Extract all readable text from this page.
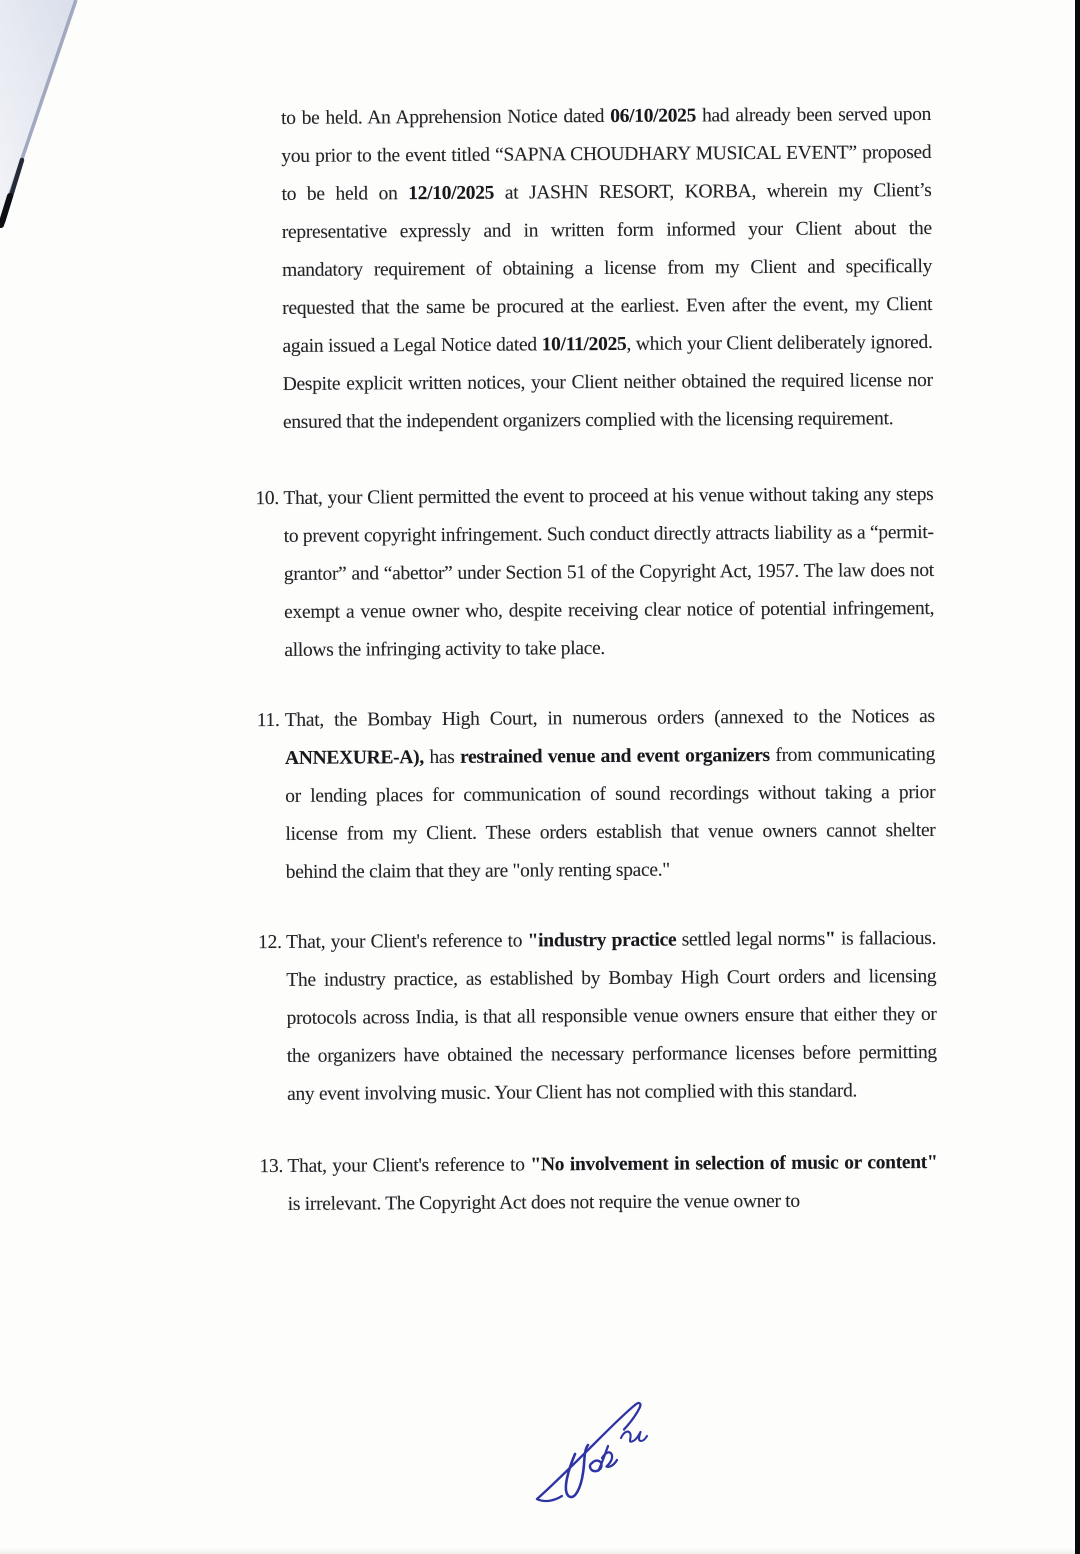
to be held. An Apprehension Notice dated 06/10/2025 had already been served upon you prior to the event titled “SAPNA CHOUDHARY MUSICAL EVENT” proposed to be held on 12/10/2025 at JASHN RESORT, KORBA, wherein my Client’s representative expressly and in written form informed your Client about the mandatory requirement of obtaining a license from my Client and specifically requested that the same be procured at the earliest. Even after the event, my Client again issued a Legal Notice dated 10/11/2025, which your Client deliberately ignored. Despite explicit written notices, your Client neither obtained the required license nor ensured that the independent organizers complied with the licensing requirement.

10. That, your Client permitted the event to proceed at his venue without taking any steps to prevent copyright infringement. Such conduct directly attracts liability as a “permit-grantor” and “abettor” under Section 51 of the Copyright Act, 1957. The law does not exempt a venue owner who, despite receiving clear notice of potential infringement, allows the infringing activity to take place.
11. That, the Bombay High Court, in numerous orders (annexed to the Notices as ANNEXURE-A), has restrained venue and event organizers from communicating or lending places for communication of sound recordings without taking a prior license from my Client. These orders establish that venue owners cannot shelter behind the claim that they are "only renting space."
12. That, your Client's reference to "industry practice settled legal norms" is fallacious. The industry practice, as established by Bombay High Court orders and licensing protocols across India, is that all responsible venue owners ensure that either they or the organizers have obtained the necessary performance licenses before permitting any event involving music. Your Client has not complied with this standard.
13. That, your Client's reference to "No involvement in selection of music or content" is irrelevant. The Copyright Act does not require the venue owner to
